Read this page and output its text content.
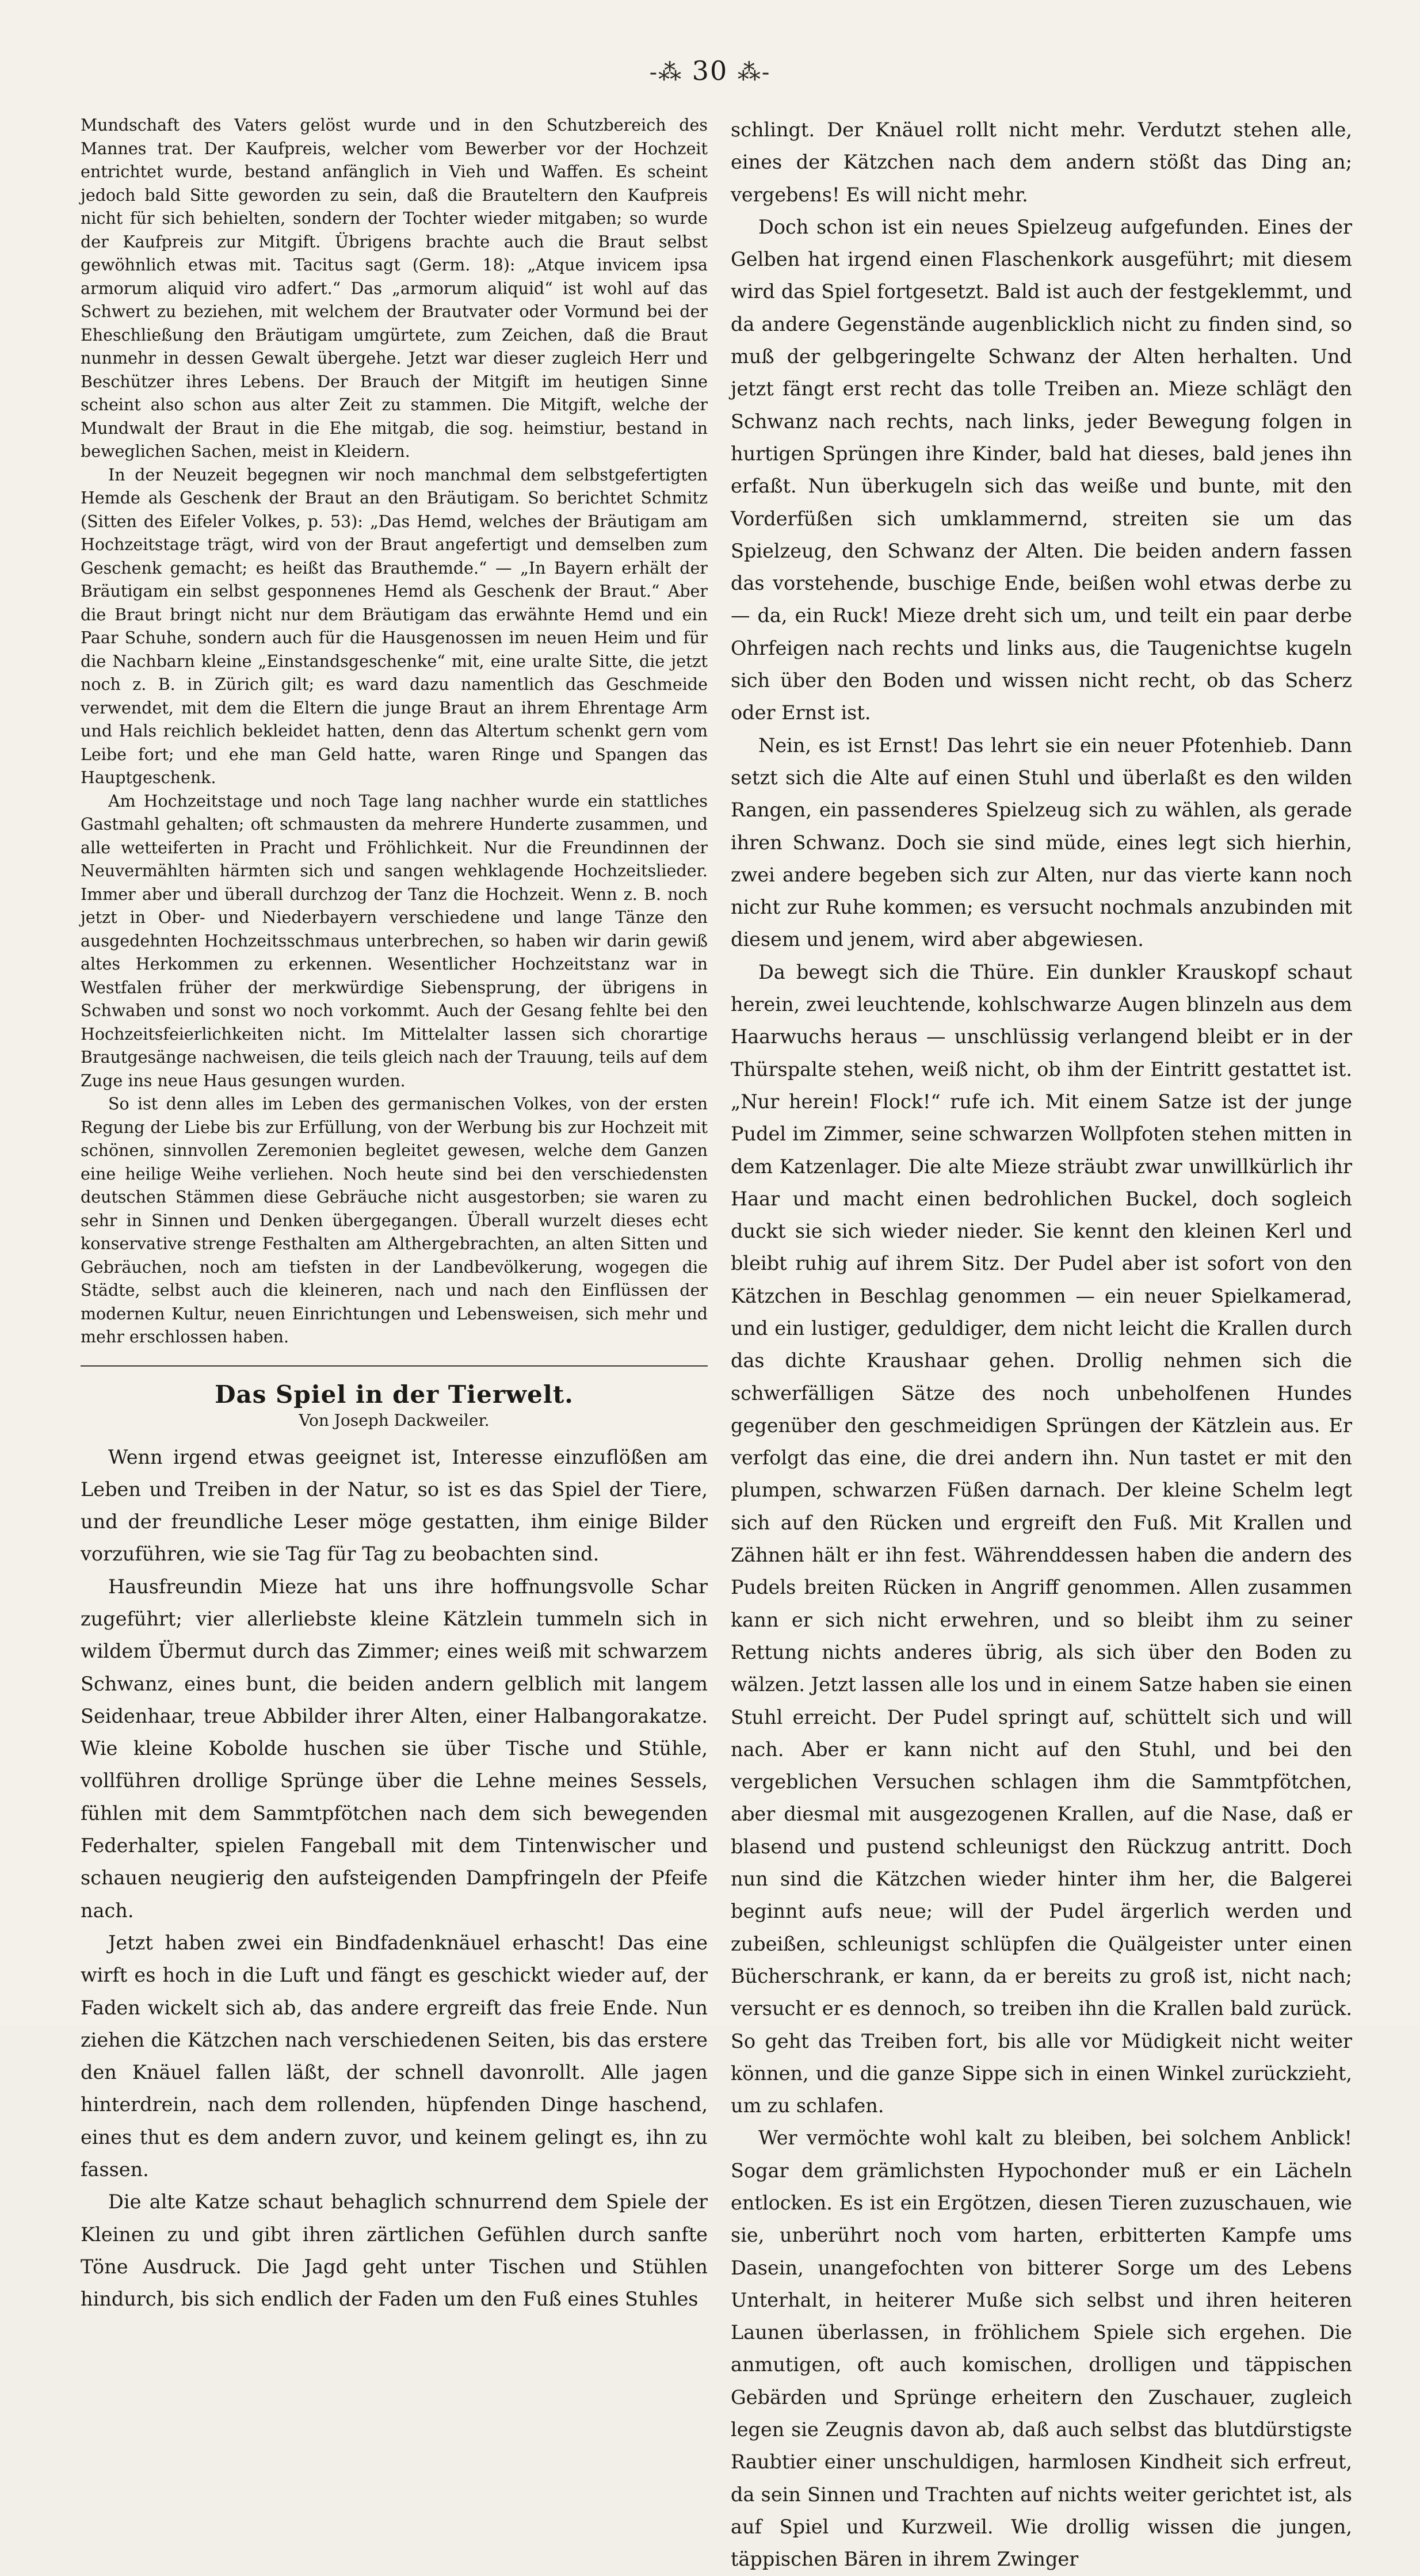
-⁂ 30 ⁂-

Mundschaft des Vaters gelöst wurde und in den Schutzbereich des Mannes trat. Der Kaufpreis, welcher vom Bewerber vor der Hochzeit entrichtet wurde, bestand anfänglich in Vieh und Waffen. Es scheint jedoch bald Sitte geworden zu sein, daß die Brauteltern den Kaufpreis nicht für sich behielten, sondern der Tochter wieder mitgaben; so wurde der Kaufpreis zur Mitgift. Übrigens brachte auch die Braut selbst gewöhnlich etwas mit. Tacitus sagt (Germ. 18): „Atque invicem ipsa armorum aliquid viro adfert.“ Das „armorum aliquid“ ist wohl auf das Schwert zu beziehen, mit welchem der Brautvater oder Vormund bei der Eheschließung den Bräutigam umgürtete, zum Zeichen, daß die Braut nunmehr in dessen Gewalt übergehe. Jetzt war dieser zugleich Herr und Beschützer ihres Lebens. Der Brauch der Mitgift im heutigen Sinne scheint also schon aus alter Zeit zu stammen. Die Mitgift, welche der Mundwalt der Braut in die Ehe mitgab, die sog. heimstiur, bestand in beweglichen Sachen, meist in Kleidern.

In der Neuzeit begegnen wir noch manchmal dem selbstgefertigten Hemde als Geschenk der Braut an den Bräutigam. So berichtet Schmitz (Sitten des Eifeler Volkes, p. 53): „Das Hemd, welches der Bräutigam am Hochzeitstage trägt, wird von der Braut angefertigt und demselben zum Geschenk gemacht; es heißt das Brauthemde.“ — „In Bayern erhält der Bräutigam ein selbst gesponnenes Hemd als Geschenk der Braut.“ Aber die Braut bringt nicht nur dem Bräutigam das erwähnte Hemd und ein Paar Schuhe, sondern auch für die Hausgenossen im neuen Heim und für die Nachbarn kleine „Einstandsgeschenke“ mit, eine uralte Sitte, die jetzt noch z. B. in Zürich gilt; es ward dazu namentlich das Geschmeide verwendet, mit dem die Eltern die junge Braut an ihrem Ehrentage Arm und Hals reichlich bekleidet hatten, denn das Altertum schenkt gern vom Leibe fort; und ehe man Geld hatte, waren Ringe und Spangen das Hauptgeschenk.

Am Hochzeitstage und noch Tage lang nachher wurde ein stattliches Gastmahl gehalten; oft schmausten da mehrere Hunderte zusammen, und alle wetteiferten in Pracht und Fröhlichkeit. Nur die Freundinnen der Neuvermählten härmten sich und sangen wehklagende Hochzeitslieder. Immer aber und überall durchzog der Tanz die Hochzeit. Wenn z. B. noch jetzt in Ober- und Niederbayern verschiedene und lange Tänze den ausgedehnten Hochzeitsschmaus unterbrechen, so haben wir darin gewiß altes Herkommen zu erkennen. Wesentlicher Hochzeitstanz war in Westfalen früher der merkwürdige Siebensprung, der übrigens in Schwaben und sonst wo noch vorkommt. Auch der Gesang fehlte bei den Hochzeitsfeierlichkeiten nicht. Im Mittelalter lassen sich chorartige Brautgesänge nachweisen, die teils gleich nach der Trauung, teils auf dem Zuge ins neue Haus gesungen wurden.

So ist denn alles im Leben des germanischen Volkes, von der ersten Regung der Liebe bis zur Erfüllung, von der Werbung bis zur Hochzeit mit schönen, sinnvollen Zeremonien begleitet gewesen, welche dem Ganzen eine heilige Weihe verliehen. Noch heute sind bei den verschiedensten deutschen Stämmen diese Gebräuche nicht ausgestorben; sie waren zu sehr in Sinnen und Denken übergegangen. Überall wurzelt dieses echt konservative strenge Festhalten am Althergebrachten, an alten Sitten und Gebräuchen, noch am tiefsten in der Landbevölkerung, wogegen die Städte, selbst auch die kleineren, nach und nach den Einflüssen der modernen Kultur, neuen Einrichtungen und Lebensweisen, sich mehr und mehr erschlossen haben.

Das Spiel in der Tierwelt.
Von Joseph Dackweiler.

Wenn irgend etwas geeignet ist, Interesse einzuflößen am Leben und Treiben in der Natur, so ist es das Spiel der Tiere, und der freundliche Leser möge gestatten, ihm einige Bilder vorzuführen, wie sie Tag für Tag zu beobachten sind.

Hausfreundin Mieze hat uns ihre hoffnungsvolle Schar zugeführt; vier allerliebste kleine Kätzlein tummeln sich in wildem Übermut durch das Zimmer; eines weiß mit schwarzem Schwanz, eines bunt, die beiden andern gelblich mit langem Seidenhaar, treue Abbilder ihrer Alten, einer Halbangorakatze. Wie kleine Kobolde huschen sie über Tische und Stühle, vollführen drollige Sprünge über die Lehne meines Sessels, fühlen mit dem Sammtpfötchen nach dem sich bewegenden Federhalter, spielen Fangeball mit dem Tintenwischer und schauen neugierig den aufsteigenden Dampfringeln der Pfeife nach.

Jetzt haben zwei ein Bindfadenknäuel erhascht! Das eine wirft es hoch in die Luft und fängt es geschickt wieder auf, der Faden wickelt sich ab, das andere ergreift das freie Ende. Nun ziehen die Kätzchen nach verschiedenen Seiten, bis das erstere den Knäuel fallen läßt, der schnell davonrollt. Alle jagen hinterdrein, nach dem rollenden, hüpfenden Dinge haschend, eines thut es dem andern zuvor, und keinem gelingt es, ihn zu fassen.

Die alte Katze schaut behaglich schnurrend dem Spiele der Kleinen zu und gibt ihren zärtlichen Gefühlen durch sanfte Töne Ausdruck. Die Jagd geht unter Tischen und Stühlen hindurch, bis sich endlich der Faden um den Fuß eines Stuhles

schlingt. Der Knäuel rollt nicht mehr. Verdutzt stehen alle, eines der Kätzchen nach dem andern stößt das Ding an; vergebens! Es will nicht mehr.

Doch schon ist ein neues Spielzeug aufgefunden. Eines der Gelben hat irgend einen Flaschenkork ausgeführt; mit diesem wird das Spiel fortgesetzt. Bald ist auch der festgeklemmt, und da andere Gegenstände augenblicklich nicht zu finden sind, so muß der gelbgeringelte Schwanz der Alten herhalten. Und jetzt fängt erst recht das tolle Treiben an. Mieze schlägt den Schwanz nach rechts, nach links, jeder Bewegung folgen in hurtigen Sprüngen ihre Kinder, bald hat dieses, bald jenes ihn erfaßt. Nun überkugeln sich das weiße und bunte, mit den Vorderfüßen sich umklammernd, streiten sie um das Spielzeug, den Schwanz der Alten. Die beiden andern fassen das vorstehende, buschige Ende, beißen wohl etwas derbe zu — da, ein Ruck! Mieze dreht sich um, und teilt ein paar derbe Ohrfeigen nach rechts und links aus, die Taugenichtse kugeln sich über den Boden und wissen nicht recht, ob das Scherz oder Ernst ist.

Nein, es ist Ernst! Das lehrt sie ein neuer Pfotenhieb. Dann setzt sich die Alte auf einen Stuhl und überlaßt es den wilden Rangen, ein passenderes Spielzeug sich zu wählen, als gerade ihren Schwanz. Doch sie sind müde, eines legt sich hierhin, zwei andere begeben sich zur Alten, nur das vierte kann noch nicht zur Ruhe kommen; es versucht nochmals anzubinden mit diesem und jenem, wird aber abgewiesen.

Da bewegt sich die Thüre. Ein dunkler Krauskopf schaut herein, zwei leuchtende, kohlschwarze Augen blinzeln aus dem Haarwuchs heraus — unschlüssig verlangend bleibt er in der Thürspalte stehen, weiß nicht, ob ihm der Eintritt gestattet ist. „Nur herein! Flock!“ rufe ich. Mit einem Satze ist der junge Pudel im Zimmer, seine schwarzen Wollpfoten stehen mitten in dem Katzenlager. Die alte Mieze sträubt zwar unwillkürlich ihr Haar und macht einen bedrohlichen Buckel, doch sogleich duckt sie sich wieder nieder. Sie kennt den kleinen Kerl und bleibt ruhig auf ihrem Sitz. Der Pudel aber ist sofort von den Kätzchen in Beschlag genommen — ein neuer Spielkamerad, und ein lustiger, geduldiger, dem nicht leicht die Krallen durch das dichte Kraushaar gehen. Drollig nehmen sich die schwerfälligen Sätze des noch unbeholfenen Hundes gegenüber den geschmeidigen Sprüngen der Kätzlein aus. Er verfolgt das eine, die drei andern ihn. Nun tastet er mit den plumpen, schwarzen Füßen darnach. Der kleine Schelm legt sich auf den Rücken und ergreift den Fuß. Mit Krallen und Zähnen hält er ihn fest. Währenddessen haben die andern des Pudels breiten Rücken in Angriff genommen. Allen zusammen kann er sich nicht erwehren, und so bleibt ihm zu seiner Rettung nichts anderes übrig, als sich über den Boden zu wälzen. Jetzt lassen alle los und in einem Satze haben sie einen Stuhl erreicht. Der Pudel springt auf, schüttelt sich und will nach. Aber er kann nicht auf den Stuhl, und bei den vergeblichen Versuchen schlagen ihm die Sammtpfötchen, aber diesmal mit ausgezogenen Krallen, auf die Nase, daß er blasend und pustend schleunigst den Rückzug antritt. Doch nun sind die Kätzchen wieder hinter ihm her, die Balgerei beginnt aufs neue; will der Pudel ärgerlich werden und zubeißen, schleunigst schlüpfen die Quälgeister unter einen Bücherschrank, er kann, da er bereits zu groß ist, nicht nach; versucht er es dennoch, so treiben ihn die Krallen bald zurück. So geht das Treiben fort, bis alle vor Müdigkeit nicht weiter können, und die ganze Sippe sich in einen Winkel zurückzieht, um zu schlafen.

Wer vermöchte wohl kalt zu bleiben, bei solchem Anblick! Sogar dem grämlichsten Hypochonder muß er ein Lächeln entlocken. Es ist ein Ergötzen, diesen Tieren zuzuschauen, wie sie, unberührt noch vom harten, erbitterten Kampfe ums Dasein, unangefochten von bitterer Sorge um des Lebens Unterhalt, in heiterer Muße sich selbst und ihren heiteren Launen überlassen, in fröhlichem Spiele sich ergehen. Die anmutigen, oft auch komischen, drolligen und täppischen Gebärden und Sprünge erheitern den Zuschauer, zugleich legen sie Zeugnis davon ab, daß auch selbst das blutdürstigste Raubtier einer unschuldigen, harmlosen Kindheit sich erfreut, da sein Sinnen und Trachten auf nichts weiter gerichtet ist, als auf Spiel und Kurzweil. Wie drollig wissen die jungen, täppischen Bären in ihrem Zwinger
